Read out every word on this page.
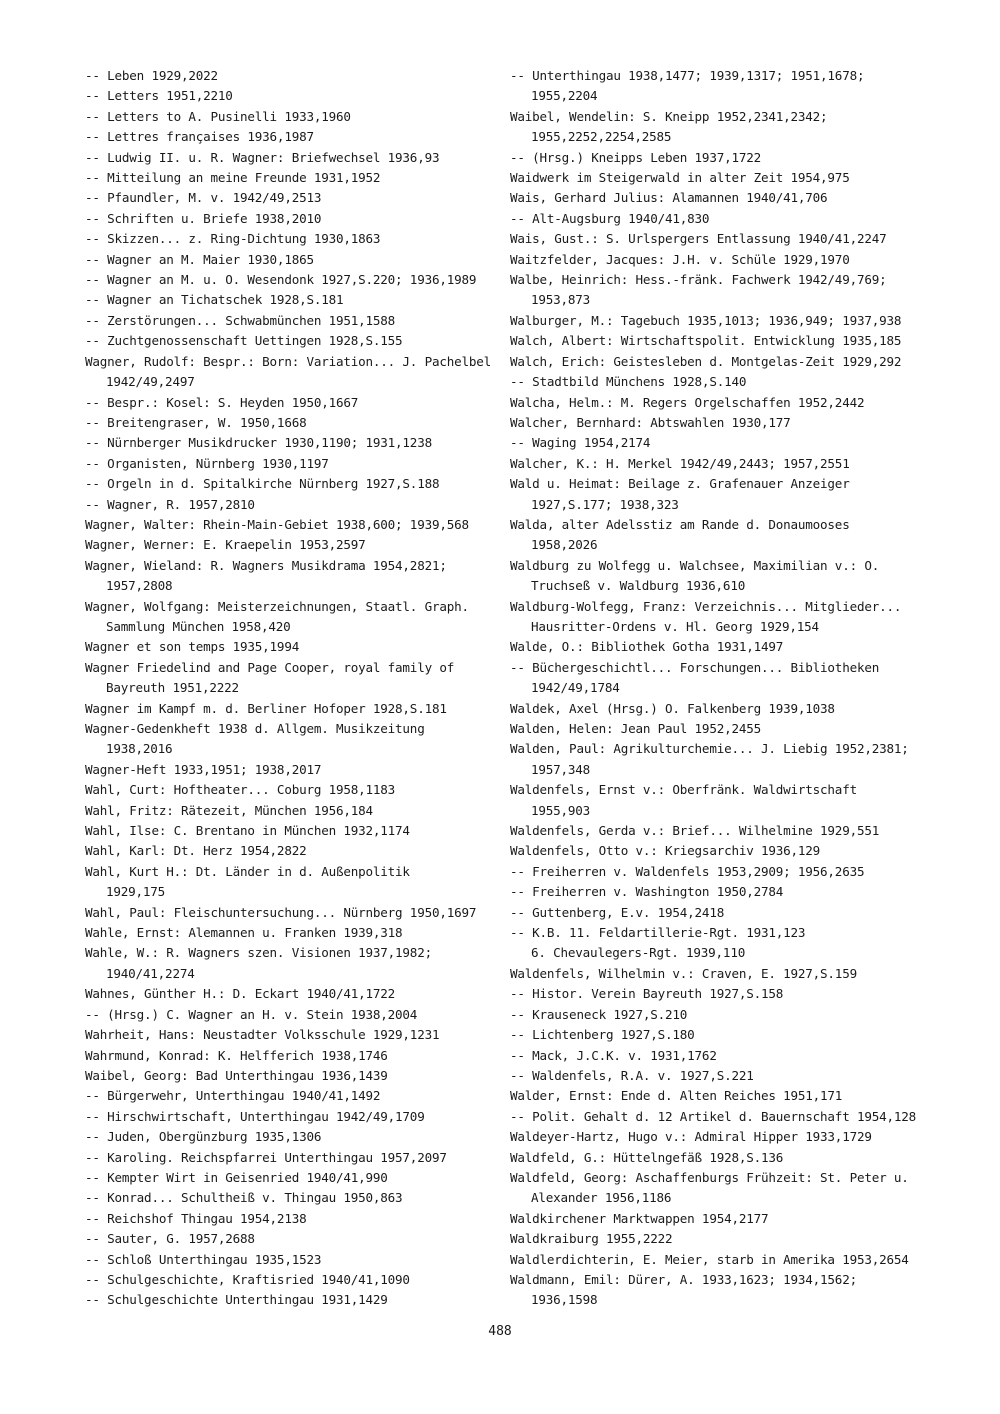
-- Leben 1929,2022
-- Letters 1951,2210
-- Letters to A. Pusinelli 1933,1960
-- Lettres françaises 1936,1987
-- Ludwig II. u. R. Wagner: Briefwechsel 1936,93
-- Mitteilung an meine Freunde 1931,1952
-- Pfaundler, M. v. 1942/49,2513
-- Schriften u. Briefe 1938,2010
-- Skizzen... z. Ring-Dichtung 1930,1863
-- Wagner an M. Maier 1930,1865
-- Wagner an M. u. O. Wesendonk 1927,S.220; 1936,1989
-- Wagner an Tichatschek 1928,S.181
-- Zerstörungen... Schwabmünchen 1951,1588
-- Zuchtgenossenschaft Uettingen 1928,S.155
Wagner, Rudolf: Bespr.: Born: Variation... J. Pachelbel
1942/49,2497
-- Bespr.: Kosel: S. Heyden 1950,1667
-- Breitengraser, W. 1950,1668
-- Nürnberger Musikdrucker 1930,1190; 1931,1238
-- Organisten, Nürnberg 1930,1197
-- Orgeln in d. Spitalkirche Nürnberg 1927,S.188
-- Wagner, R. 1957,2810
Wagner, Walter: Rhein-Main-Gebiet 1938,600; 1939,568
Wagner, Werner: E. Kraepelin 1953,2597
Wagner, Wieland: R. Wagners Musikdrama 1954,2821;
1957,2808
Wagner, Wolfgang: Meisterzeichnungen, Staatl. Graph.
Sammlung München 1958,420
Wagner et son temps 1935,1994
Wagner Friedelind and Page Cooper, royal family of
Bayreuth 1951,2222
Wagner im Kampf m. d. Berliner Hofoper 1928,S.181
Wagner-Gedenkheft 1938 d. Allgem. Musikzeitung
1938,2016
Wagner-Heft 1933,1951; 1938,2017
Wahl, Curt: Hoftheater... Coburg 1958,1183
Wahl, Fritz: Rätezeit, München 1956,184
Wahl, Ilse: C. Brentano in München 1932,1174
Wahl, Karl: Dt. Herz 1954,2822
Wahl, Kurt H.: Dt. Länder in d. Außenpolitik
1929,175
Wahl, Paul: Fleischuntersuchung... Nürnberg 1950,1697
Wahle, Ernst: Alemannen u. Franken 1939,318
Wahle, W.: R. Wagners szen. Visionen 1937,1982;
1940/41,2274
Wahnes, Günther H.: D. Eckart 1940/41,1722
-- (Hrsg.) C. Wagner an H. v. Stein 1938,2004
Wahrheit, Hans: Neustadter Volksschule 1929,1231
Wahrmund, Konrad: K. Helfferich 1938,1746
Waibel, Georg: Bad Unterthingau 1936,1439
-- Bürgerwehr, Unterthingau 1940/41,1492
-- Hirschwirtschaft, Unterthingau 1942/49,1709
-- Juden, Obergünzburg 1935,1306
-- Karoling. Reichspfarrei Unterthingau 1957,2097
-- Kempter Wirt in Geisenried 1940/41,990
-- Konrad... Schultheiß v. Thingau 1950,863
-- Reichshof Thingau 1954,2138
-- Sauter, G. 1957,2688
-- Schloß Unterthingau 1935,1523
-- Schulgeschichte, Kraftisried 1940/41,1090
-- Schulgeschichte Unterthingau 1931,1429
-- Unterthingau 1938,1477; 1939,1317; 1951,1678;
1955,2204
Waibel, Wendelin: S. Kneipp 1952,2341,2342;
1955,2252,2254,2585
-- (Hrsg.) Kneipps Leben 1937,1722
Waidwerk im Steigerwald in alter Zeit 1954,975
Wais, Gerhard Julius: Alamannen 1940/41,706
-- Alt-Augsburg 1940/41,830
Wais, Gust.: S. Urlspergers Entlassung 1940/41,2247
Waitzfelder, Jacques: J.H. v. Schüle 1929,1970
Walbe, Heinrich: Hess.-fränk. Fachwerk 1942/49,769;
1953,873
Walburger, M.: Tagebuch 1935,1013; 1936,949; 1937,938
Walch, Albert: Wirtschaftspolit. Entwicklung 1935,185
Walch, Erich: Geistesleben d. Montgelas-Zeit 1929,292
-- Stadtbild Münchens 1928,S.140
Walcha, Helm.: M. Regers Orgelschaffen 1952,2442
Walcher, Bernhard: Abtswahlen 1930,177
-- Waging 1954,2174
Walcher, K.: H. Merkel 1942/49,2443; 1957,2551
Wald u. Heimat: Beilage z. Grafenauer Anzeiger
1927,S.177; 1938,323
Walda, alter Adelsstiz am Rande d. Donaumooses
1958,2026
Waldburg zu Wolfegg u. Walchsee, Maximilian v.: O.
Truchseß v. Waldburg 1936,610
Waldburg-Wolfegg, Franz: Verzeichnis... Mitglieder...
Hausritter-Ordens v. Hl. Georg 1929,154
Walde, O.: Bibliothek Gotha 1931,1497
-- Büchergeschichtl... Forschungen... Bibliotheken
1942/49,1784
Waldek, Axel (Hrsg.) O. Falkenberg 1939,1038
Walden, Helen: Jean Paul 1952,2455
Walden, Paul: Agrikulturchemie... J. Liebig 1952,2381;
1957,348
Waldenfels, Ernst v.: Oberfränk. Waldwirtschaft
1955,903
Waldenfels, Gerda v.: Brief... Wilhelmine 1929,551
Waldenfels, Otto v.: Kriegsarchiv 1936,129
-- Freiherren v. Waldenfels 1953,2909; 1956,2635
-- Freiherren v. Washington 1950,2784
-- Guttenberg, E.v. 1954,2418
-- K.B. 11. Feldartillerie-Rgt. 1931,123
6. Chevaulegers-Rgt. 1939,110
Waldenfels, Wilhelmin v.: Craven, E. 1927,S.159
-- Histor. Verein Bayreuth 1927,S.158
-- Krauseneck 1927,S.210
-- Lichtenberg 1927,S.180
-- Mack, J.C.K. v. 1931,1762
-- Waldenfels, R.A. v. 1927,S.221
Walder, Ernst: Ende d. Alten Reiches 1951,171
-- Polit. Gehalt d. 12 Artikel d. Bauernschaft 1954,128
Waldeyer-Hartz, Hugo v.: Admiral Hipper 1933,1729
Waldfeld, G.: Hüttelngefäß 1928,S.136
Waldfeld, Georg: Aschaffenburgs Frühzeit: St. Peter u.
Alexander 1956,1186
Waldkirchener Marktwappen 1954,2177
Waldkraiburg 1955,2222
Waldlerdichterin, E. Meier, starb in Amerika 1953,2654
Waldmann, Emil: Dürer, A. 1933,1623; 1934,1562;
1936,1598
488
